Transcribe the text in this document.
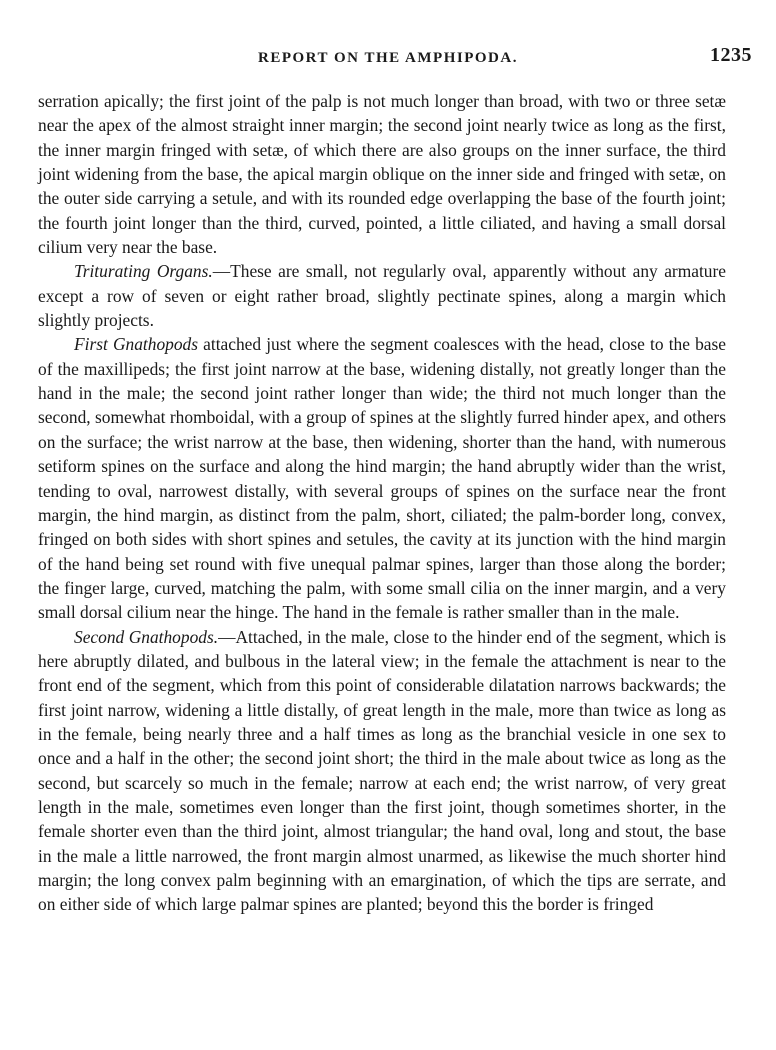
REPORT ON THE AMPHIPODA.	1235

serration apically; the first joint of the palp is not much longer than broad, with two or three setæ near the apex of the almost straight inner margin; the second joint nearly twice as long as the first, the inner margin fringed with setæ, of which there are also groups on the inner surface, the third joint widening from the base, the apical margin oblique on the inner side and fringed with setæ, on the outer side carrying a setule, and with its rounded edge overlapping the base of the fourth joint; the fourth joint longer than the third, curved, pointed, a little ciliated, and having a small dorsal cilium very near the base.

Triturating Organs.—These are small, not regularly oval, apparently without any armature except a row of seven or eight rather broad, slightly pectinate spines, along a margin which slightly projects.

First Gnathopods attached just where the segment coalesces with the head, close to the base of the maxillipeds; the first joint narrow at the base, widening distally, not greatly longer than the hand in the male; the second joint rather longer than wide; the third not much longer than the second, somewhat rhomboidal, with a group of spines at the slightly furred hinder apex, and others on the surface; the wrist narrow at the base, then widening, shorter than the hand, with numerous setiform spines on the surface and along the hind margin; the hand abruptly wider than the wrist, tending to oval, narrowest distally, with several groups of spines on the surface near the front margin, the hind margin, as distinct from the palm, short, ciliated; the palm-border long, convex, fringed on both sides with short spines and setules, the cavity at its junction with the hind margin of the hand being set round with five unequal palmar spines, larger than those along the border; the finger large, curved, matching the palm, with some small cilia on the inner margin, and a very small dorsal cilium near the hinge. The hand in the female is rather smaller than in the male.

Second Gnathopods.—Attached, in the male, close to the hinder end of the segment, which is here abruptly dilated, and bulbous in the lateral view; in the female the attachment is near to the front end of the segment, which from this point of considerable dilatation narrows backwards; the first joint narrow, widening a little distally, of great length in the male, more than twice as long as in the female, being nearly three and a half times as long as the branchial vesicle in one sex to once and a half in the other; the second joint short; the third in the male about twice as long as the second, but scarcely so much in the female; narrow at each end; the wrist narrow, of very great length in the male, sometimes even longer than the first joint, though sometimes shorter, in the female shorter even than the third joint, almost triangular; the hand oval, long and stout, the base in the male a little narrowed, the front margin almost unarmed, as likewise the much shorter hind margin; the long convex palm beginning with an emargination, of which the tips are serrate, and on either side of which large palmar spines are planted; beyond this the border is fringed
